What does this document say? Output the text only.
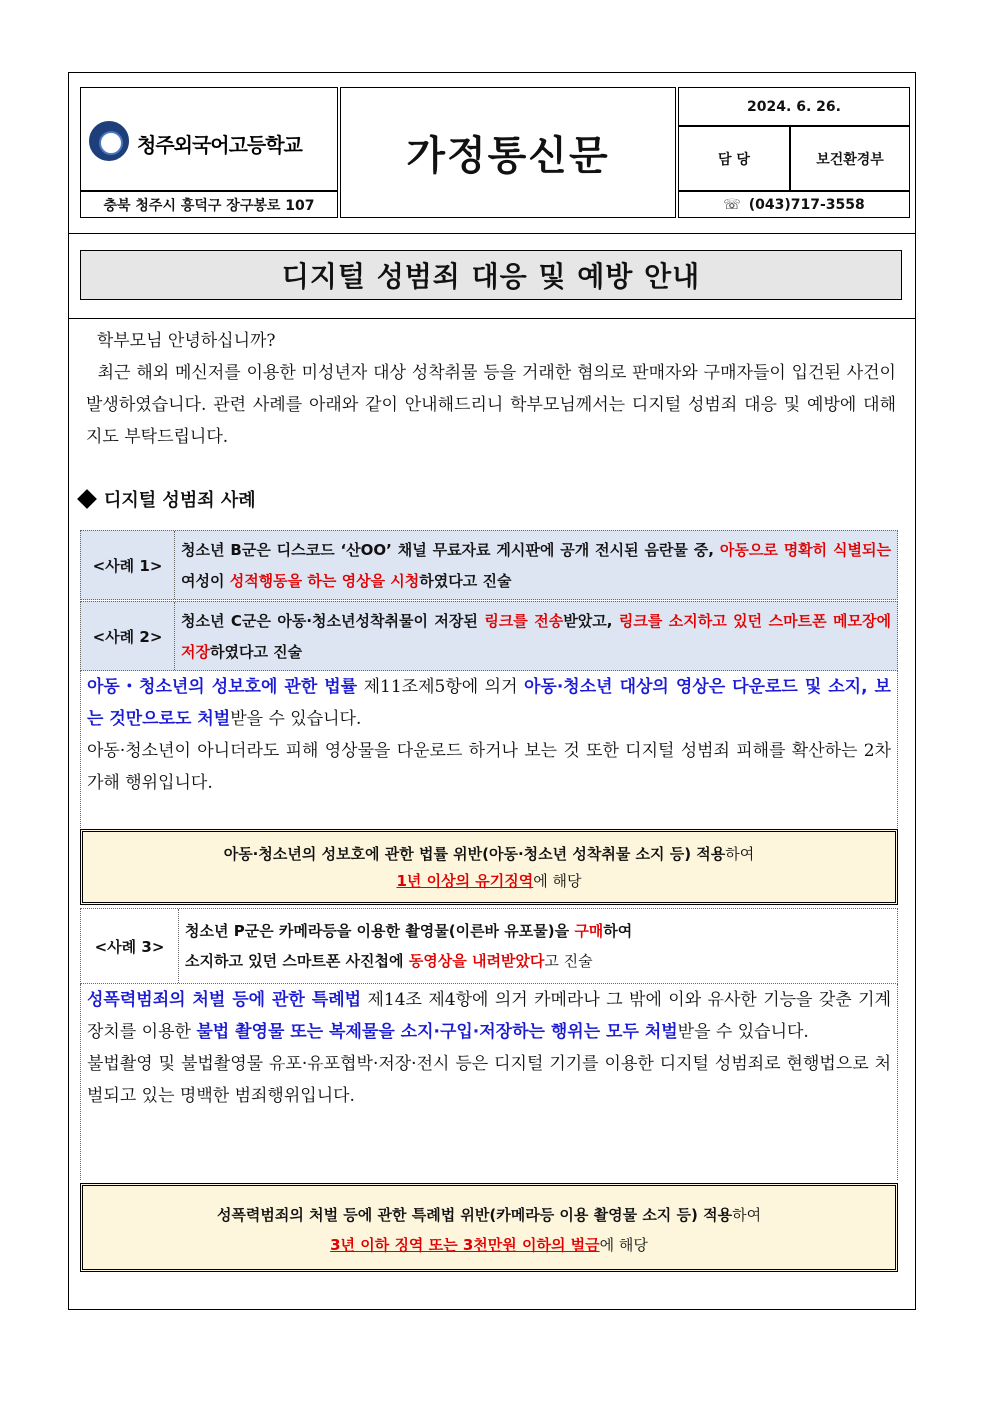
청주외국어고등학교
충북 청주시 흥덕구 장구봉로 107
가정통신문
2024. 6. 26.
담 당	보건환경부
☏ (043)717-3558
디지털 성범죄 대응 및 예방 안내

학부모님 안녕하십니까?

최근 해외 메신저를 이용한 미성년자 대상 성착취물 등을 거래한 혐의로 판매자와 구매자들이 입건된 사건이 발생하였습니다. 관련 사례를 아래와 같이 안내해드리니 학부모님께서는 디지털 성범죄 대응 및 예방에 대해 지도 부탁드립니다.

디지털 성범죄 사례
<사례 1>
청소년 B군은 디스코드 ‘산OO’ 채널 무료자료 게시판에 공개 전시된 음란물 중, 아동으로 명확히 식별되는 여성이 성적행동을 하는 영상을 시청하였다고 진술
<사례 2>
청소년 C군은 아동·청소년성착취물이 저장된 링크를 전송받았고, 링크를 소지하고 있던 스마트폰 메모장에 저장하였다고 진술

아동・청소년의 성보호에 관한 법률 제11조제5항에 의거 아동·청소년 대상의 영상은 다운로드 및 소지, 보는 것만으로도 처벌받을 수 있습니다.

아동·청소년이 아니더라도 피해 영상물을 다운로드 하거나 보는 것 또한 디지털 성범죄 피해를 확산하는 2차 가해 행위입니다.

아동·청소년의 성보호에 관한 법률 위반(아동·청소년 성착취물 소지 등) 적용하여
1년 이상의 유기징역에 해당
<사례 3>
청소년 P군은 카메라등을 이용한 촬영물(이른바 유포물)을 구매하여
소지하고 있던 스마트폰 사진첩에 동영상을 내려받았다고 진술

성폭력범죄의 처벌 등에 관한 특례법 제14조 제4항에 의거 카메라나 그 밖에 이와 유사한 기능을 갖춘 기계장치를 이용한 불법 촬영물 또는 복제물을 소지·구입·저장하는 행위는 모두 처벌받을 수 있습니다.

불법촬영 및 불법촬영물 유포·유포협박·저장·전시 등은 디지털 기기를 이용한 디지털 성범죄로 현행법으로 처벌되고 있는 명백한 범죄행위입니다.

성폭력범죄의 처벌 등에 관한 특례법 위반(카메라등 이용 촬영물 소지 등) 적용하여
3년 이하 징역 또는 3천만원 이하의 벌금에 해당
